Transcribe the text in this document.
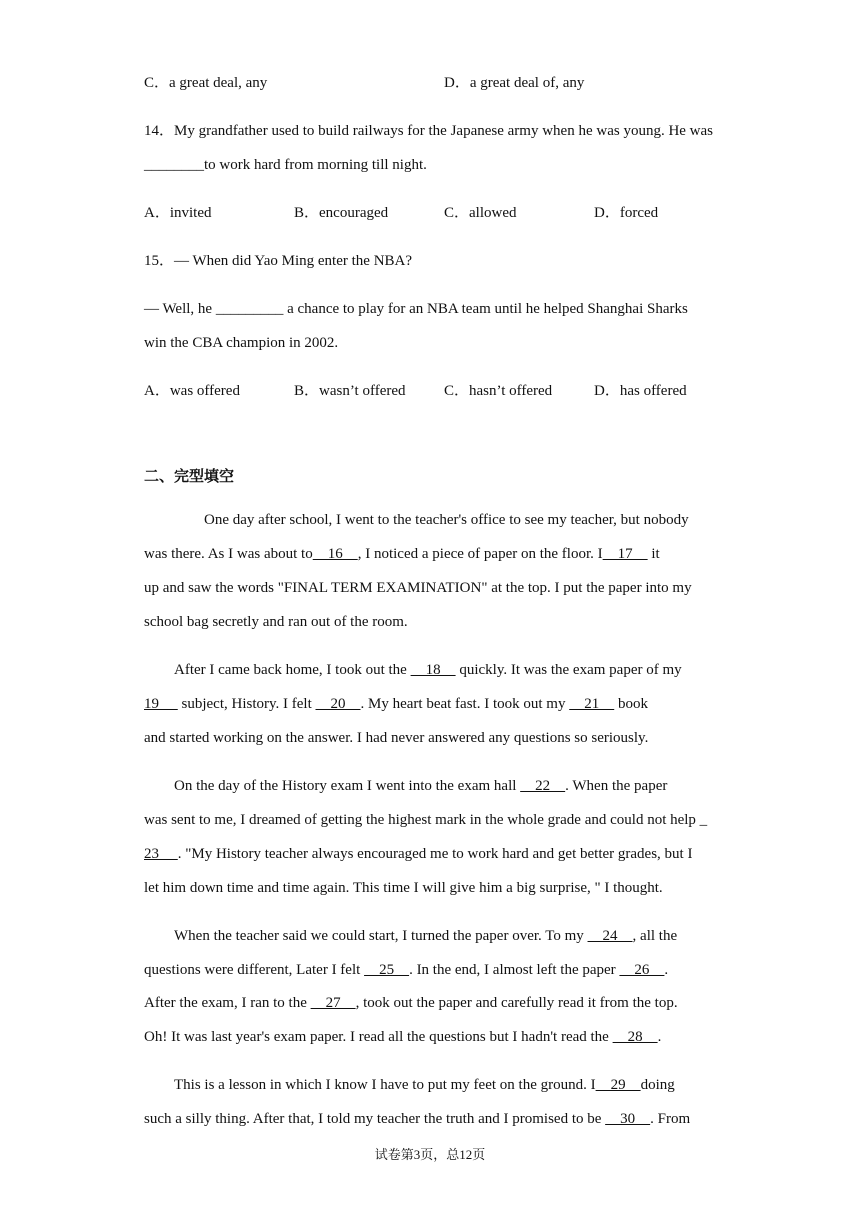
C．a great deal, any	D．a great deal of, any
14．My grandfather used to build railways for the Japanese army when he was young. He was
________to work hard from morning till night.
A．invited	B．encouraged	C．allowed	D．forced
15．— When did Yao Ming enter the NBA?
— Well, he _________ a chance to play for an NBA team until he helped Shanghai Sharks
win the CBA champion in 2002.
A．was offered	B．wasn’t offered	C．hasn’t offered	D．has offered
二、完型填空
One day after school, I went to the teacher's office to see my teacher, but nobody
was there. As I was about to    16    , I noticed a piece of paper on the floor. I    17     it
up and saw the words "FINAL TERM EXAMINATION" at the top. I put the paper into my
school bag secretly and ran out of the room.
After I came back home, I took out the     18     quickly. It was the exam paper of my
19      subject, History. I felt     20    . My heart beat fast. I took out my     21     book
and started working on the answer. I had never answered any questions so seriously.
On the day of the History exam I went into the exam hall     22    . When the paper
was sent to me, I dreamed of getting the highest mark in the whole grade and could not help _
23     . "My History teacher always encouraged me to work hard and get better grades, but I
let him down time and time again. This time I will give him a big surprise, " I thought.
When the teacher said we could start, I turned the paper over. To my     24    , all the
questions were different, Later I felt     25    . In the end, I almost left the paper     26    .
After the exam, I ran to the     27    , took out the paper and carefully read it from the top.
Oh! It was last year's exam paper. I read all the questions but I hadn't read the     28    .
This is a lesson in which I know I have to put my feet on the ground. I    29    doing
such a silly thing. After that, I told my teacher the truth and I promised to be     30    . From
试卷第3页，总12页
